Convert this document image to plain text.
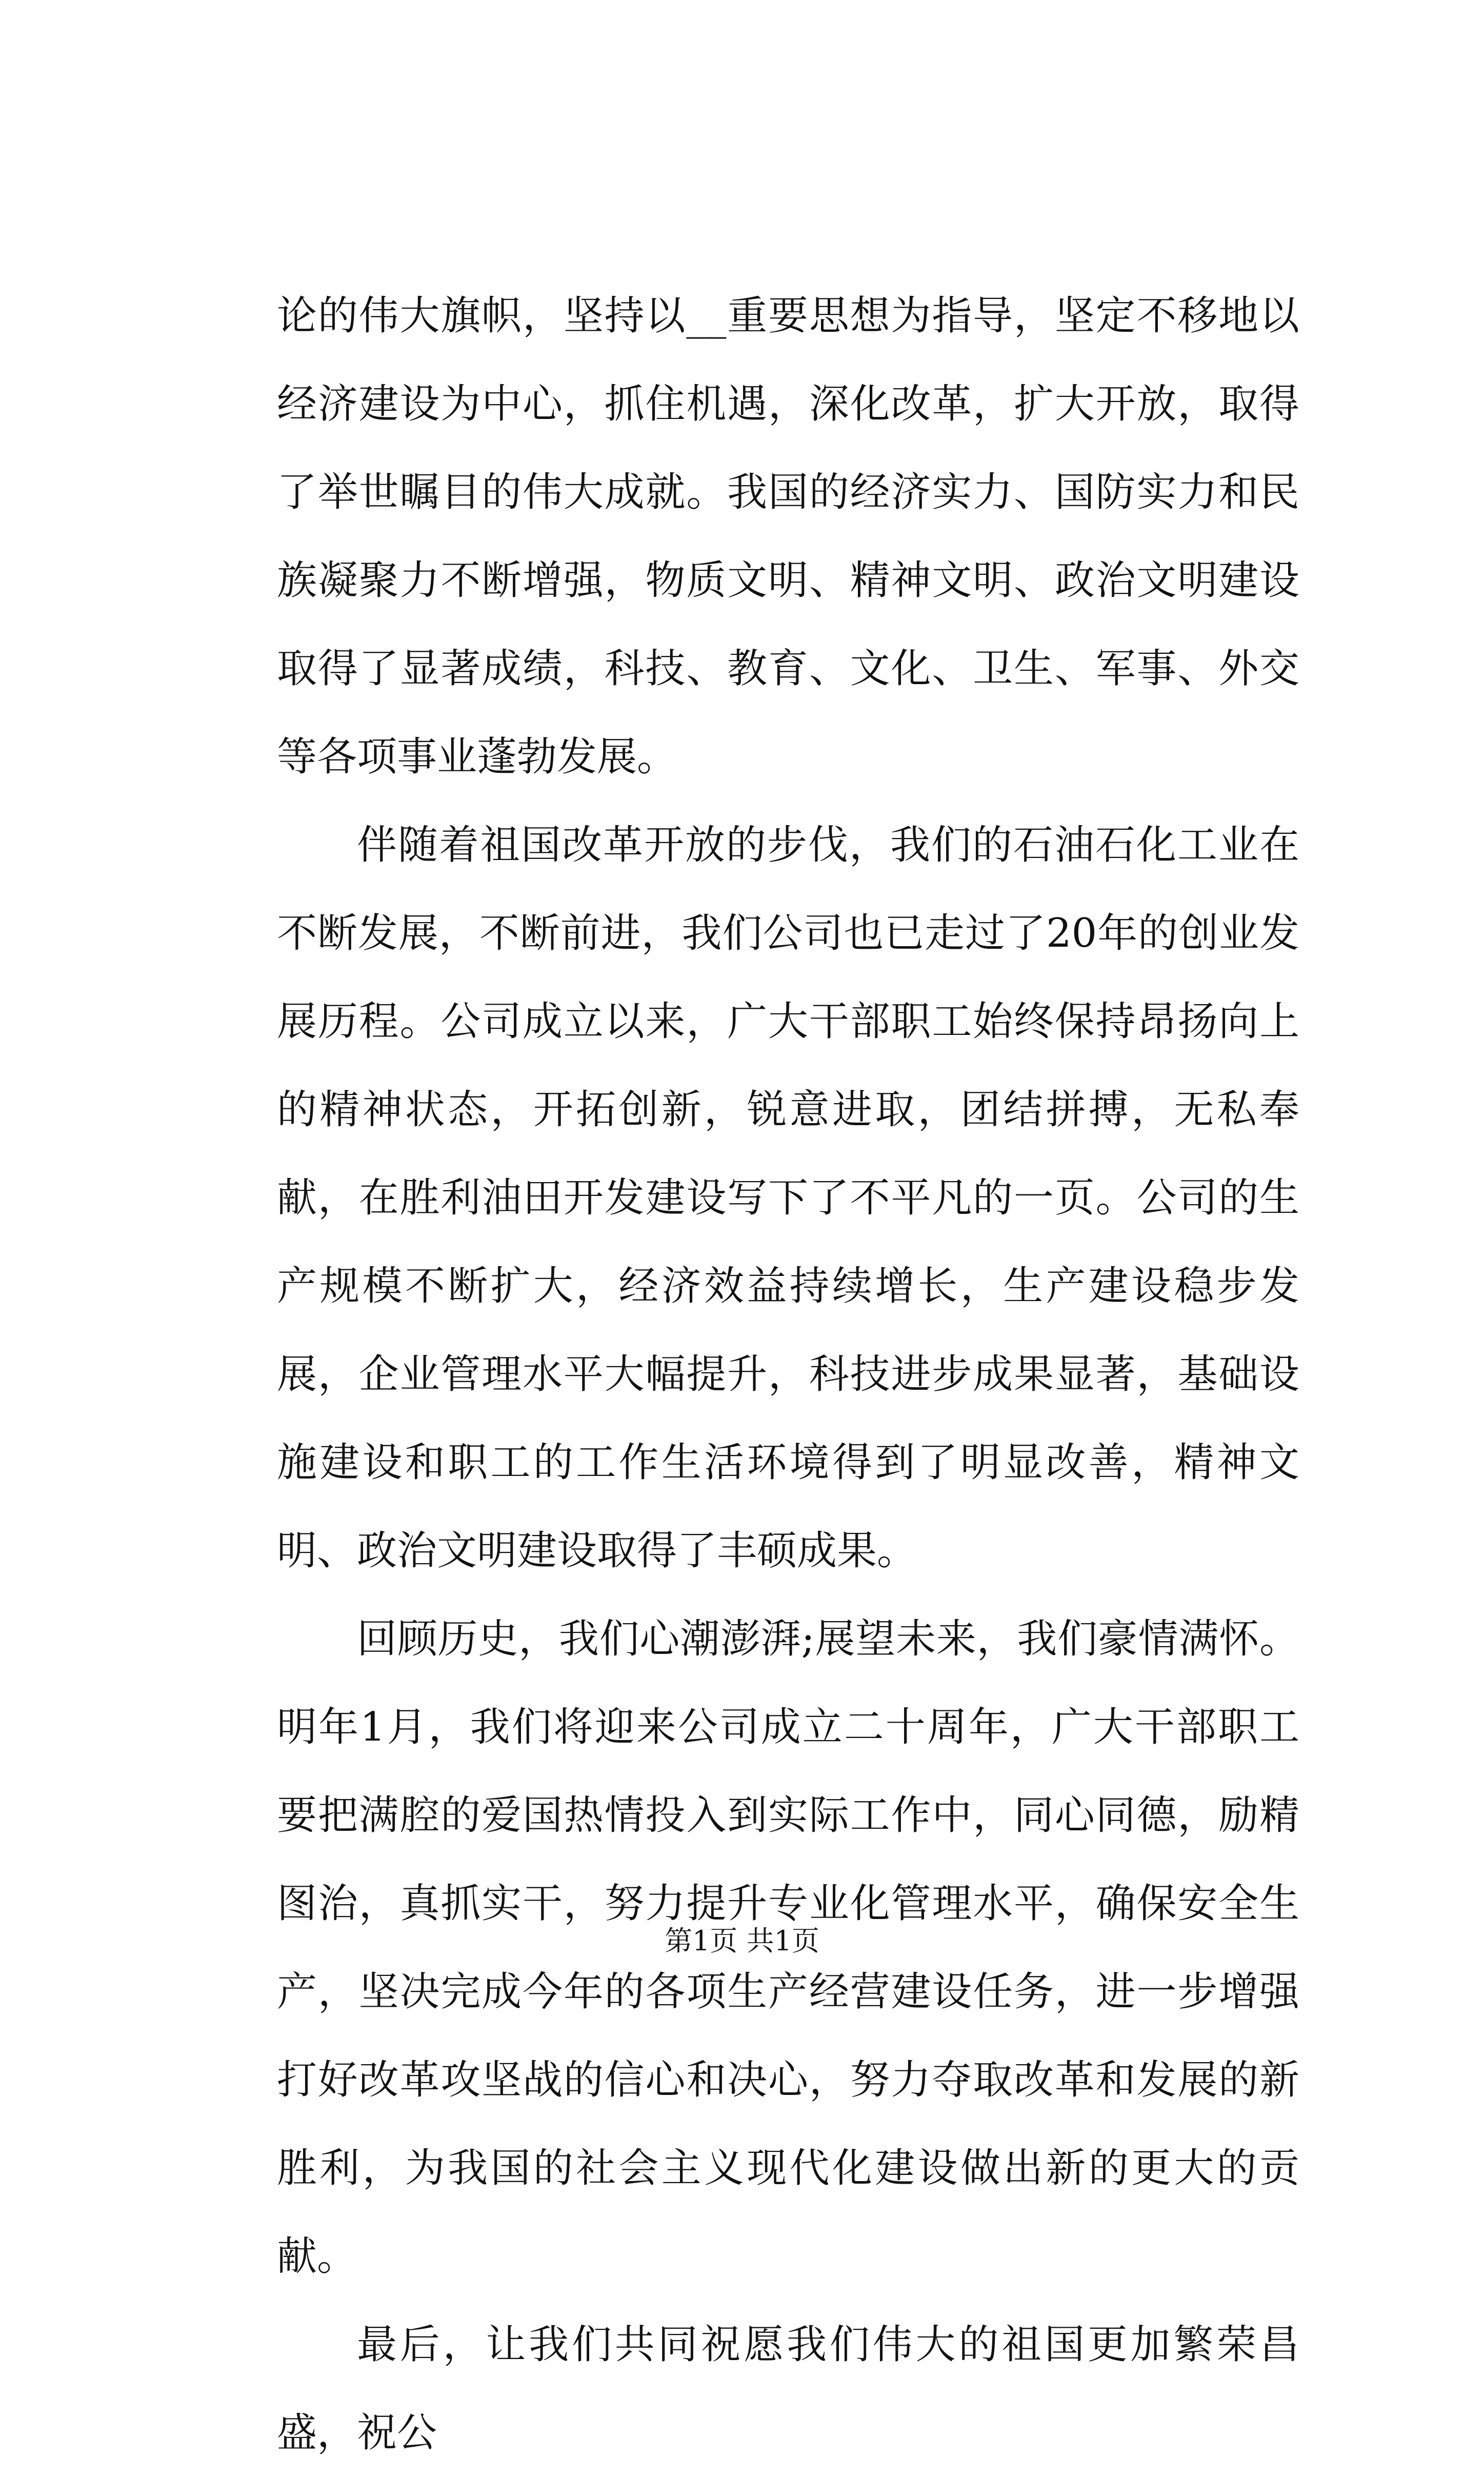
论的伟大旗帜，坚持以__重要思想为指导，坚定不移地以经济建设为中心，抓住机遇，深化改革，扩大开放，取得了举世瞩目的伟大成就。我国的经济实力、国防实力和民族凝聚力不断增强，物质文明、精神文明、政治文明建设取得了显著成绩，科技、教育、文化、卫生、军事、外交等各项事业蓬勃发展。

伴随着祖国改革开放的步伐，我们的石油石化工业在不断发展，不断前进，我们公司也已走过了20年的创业发展历程。公司成立以来，广大干部职工始终保持昂扬向上的精神状态，开拓创新，锐意进取，团结拼搏，无私奉献，在胜利油田开发建设写下了不平凡的一页。公司的生产规模不断扩大，经济效益持续增长，生产建设稳步发展，企业管理水平大幅提升，科技进步成果显著，基础设施建设和职工的工作生活环境得到了明显改善，精神文明、政治文明建设取得了丰硕成果。

回顾历史，我们心潮澎湃;展望未来，我们豪情满怀。明年1月，我们将迎来公司成立二十周年，广大干部职工要把满腔的爱国热情投入到实际工作中，同心同德，励精图治，真抓实干，努力提升专业化管理水平，确保安全生产，坚决完成今年的各项生产经营建设任务，进一步增强打好改革攻坚战的信心和决心，努力夺取改革和发展的新胜利，为我国的社会主义现代化建设做出新的更大的贡献。

最后，让我们共同祝愿我们伟大的祖国更加繁荣昌盛，祝公

第1页 共1页
